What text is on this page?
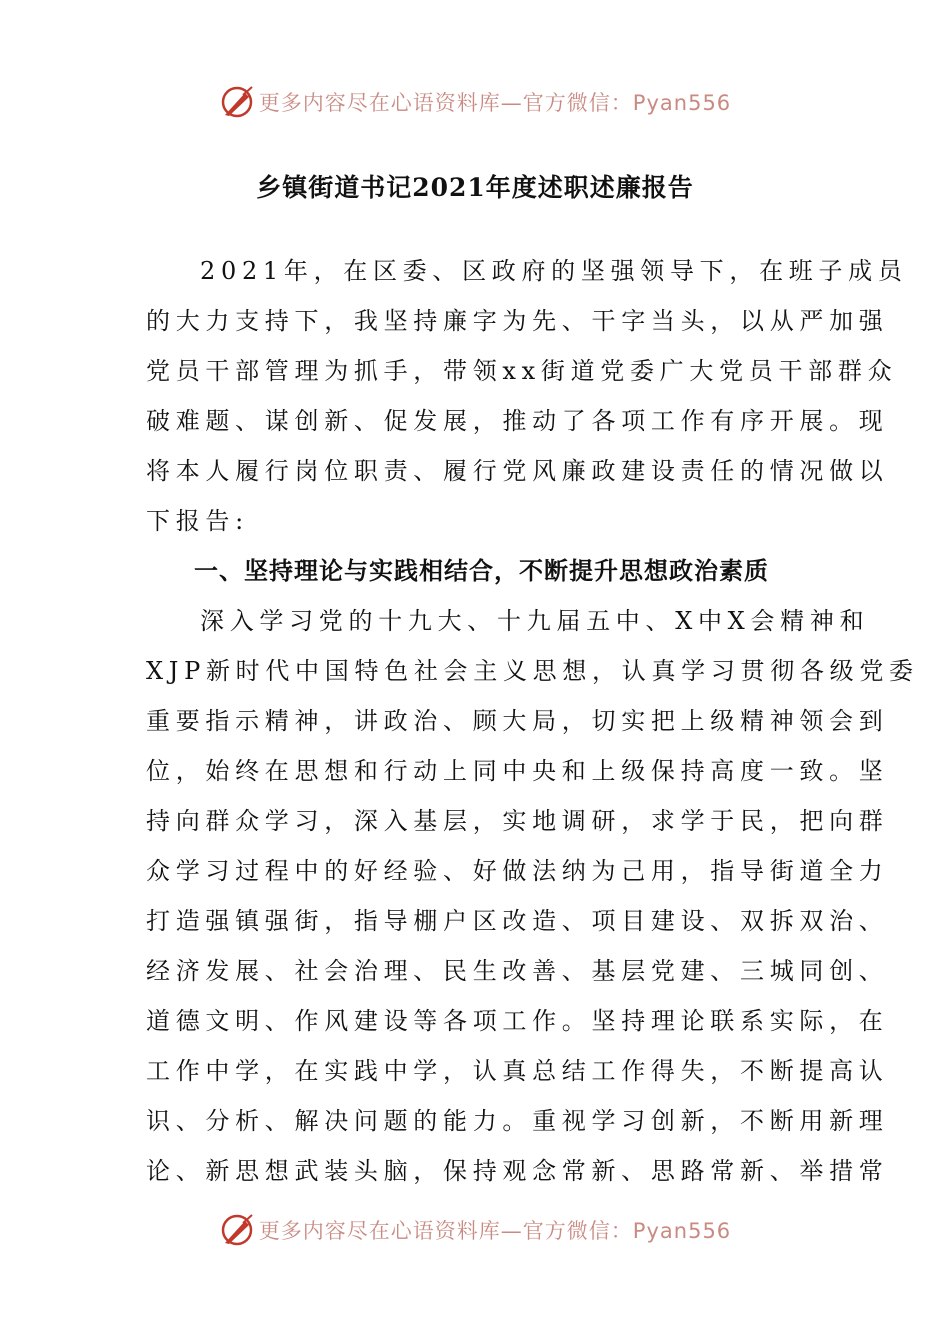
更多内容尽在心语资料库—官方微信：Pyan556
乡镇街道书记2021年度述职述廉报告
2021年，在区委、区政府的坚强领导下，在班子成员
的大力支持下，我坚持廉字为先、干字当头，以从严加强
党员干部管理为抓手，带领xx街道党委广大党员干部群众
破难题、谋创新、促发展，推动了各项工作有序开展。现
将本人履行岗位职责、履行党风廉政建设责任的情况做以
下报告:
一、坚持理论与实践相结合，不断提升思想政治素质
深入学习党的十九大、十九届五中、X中X会精神和
XJP新时代中国特色社会主义思想，认真学习贯彻各级党委
重要指示精神，讲政治、顾大局，切实把上级精神领会到
位，始终在思想和行动上同中央和上级保持高度一致。坚
持向群众学习，深入基层，实地调研，求学于民，把向群
众学习过程中的好经验、好做法纳为己用，指导街道全力
打造强镇强街，指导棚户区改造、项目建设、双拆双治、
经济发展、社会治理、民生改善、基层党建、三城同创、
道德文明、作风建设等各项工作。坚持理论联系实际，在
工作中学，在实践中学，认真总结工作得失，不断提高认
识、分析、解决问题的能力。重视学习创新，不断用新理
论、新思想武装头脑，保持观念常新、思路常新、举措常
更多内容尽在心语资料库—官方微信：Pyan556
